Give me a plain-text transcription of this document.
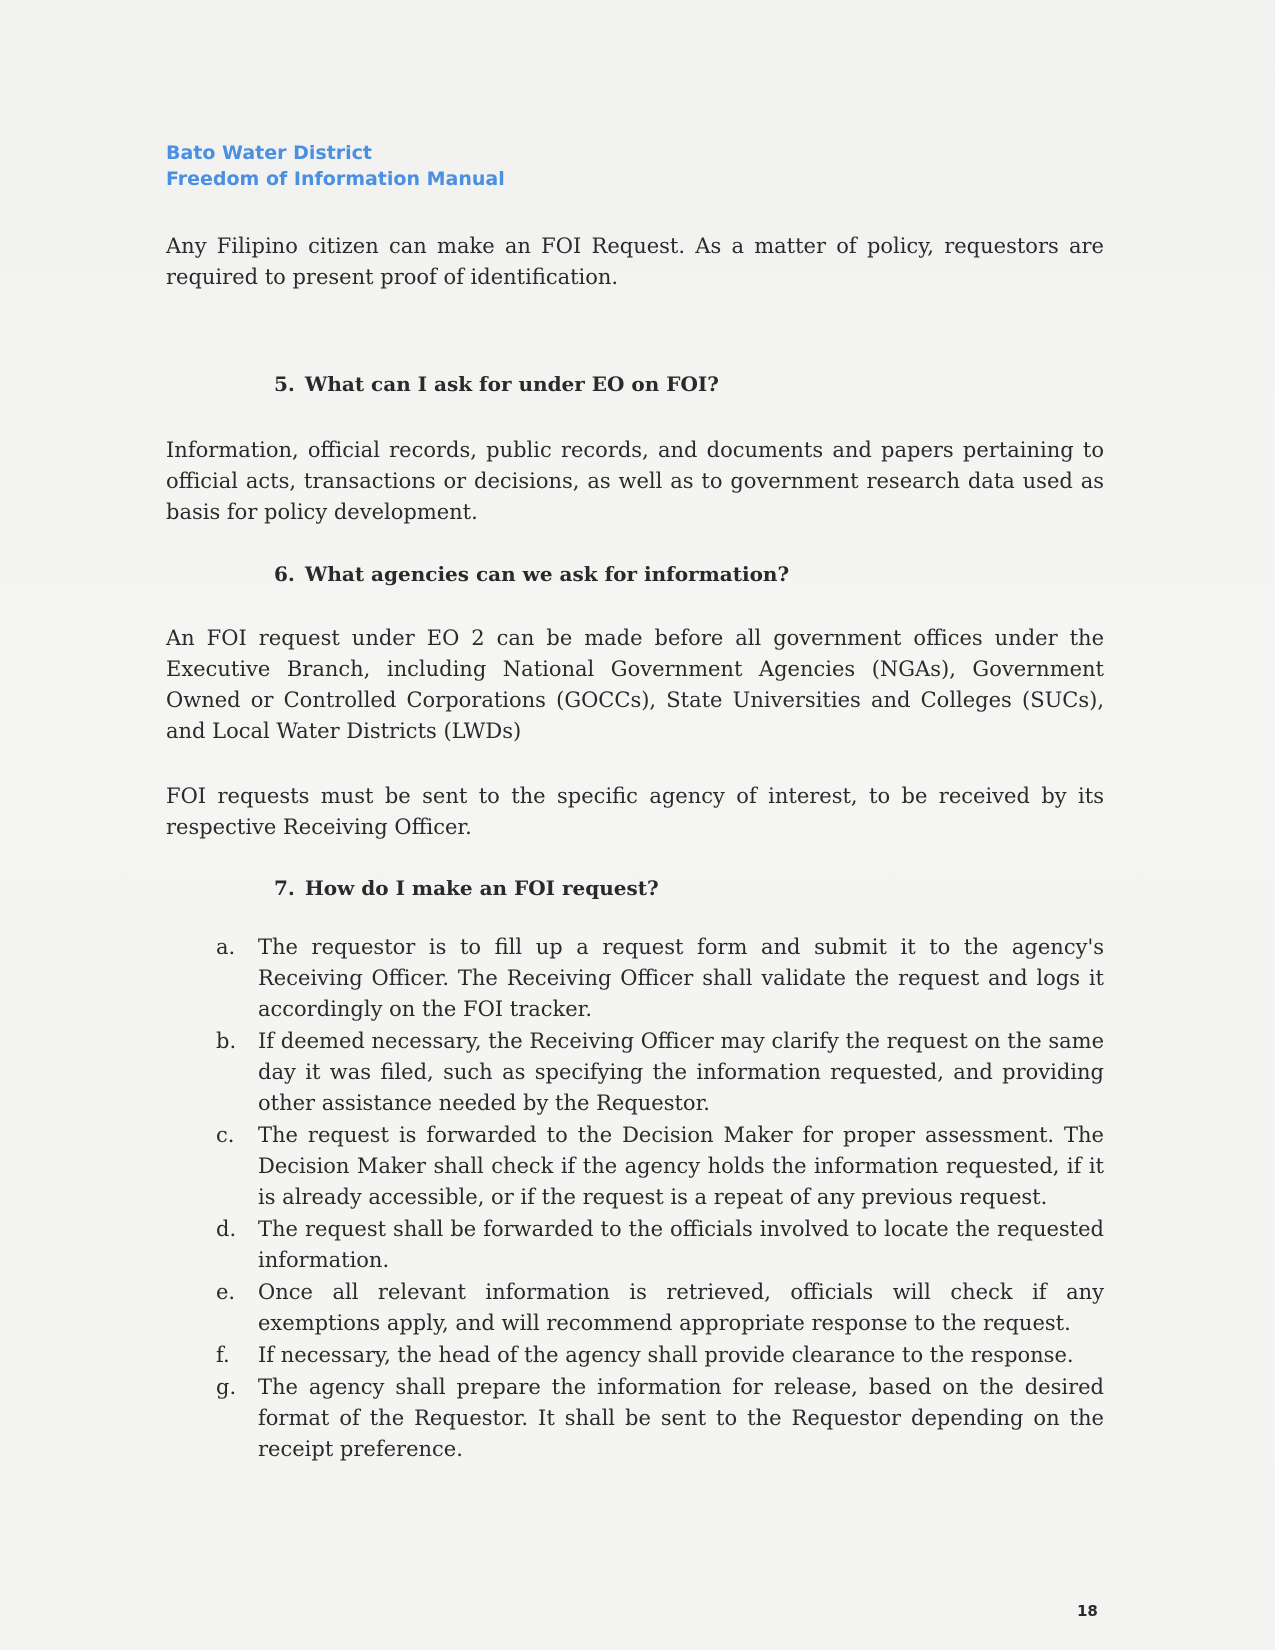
Bato Water District
Freedom of Information Manual

Any Filipino citizen can make an FOI Request. As a matter of policy, requestors are required to present proof of identification.

5. What can I ask for under EO on FOI?

Information, official records, public records, and documents and papers pertaining to official acts, transactions or decisions, as well as to government research data used as basis for policy development.

6. What agencies can we ask for information?

An FOI request under EO 2 can be made before all government offices under the Executive Branch, including National Government Agencies (NGAs), Government Owned or Controlled Corporations (GOCCs), State Universities and Colleges (SUCs), and Local Water Districts (LWDs)

FOI requests must be sent to the specific agency of interest, to be received by its respective Receiving Officer.

7. How do I make an FOI request?
a.	The requestor is to fill up a request form and submit it to the agency's Receiving Officer. The Receiving Officer shall validate the request and logs it accordingly on the FOI tracker.
b.	If deemed necessary, the Receiving Officer may clarify the request on the same day it was filed, such as specifying the information requested, and providing other assistance needed by the Requestor.
c.	The request is forwarded to the Decision Maker for proper assessment. The Decision Maker shall check if the agency holds the information requested, if it is already accessible, or if the request is a repeat of any previous request.
d.	The request shall be forwarded to the officials involved to locate the requested information.
e.	Once all relevant information is retrieved, officials will check if any exemptions apply, and will recommend appropriate response to the request.
f.	If necessary, the head of the agency shall provide clearance to the response.
g.	The agency shall prepare the information for release, based on the desired format of the Requestor. It shall be sent to the Requestor depending on the receipt preference.
18
